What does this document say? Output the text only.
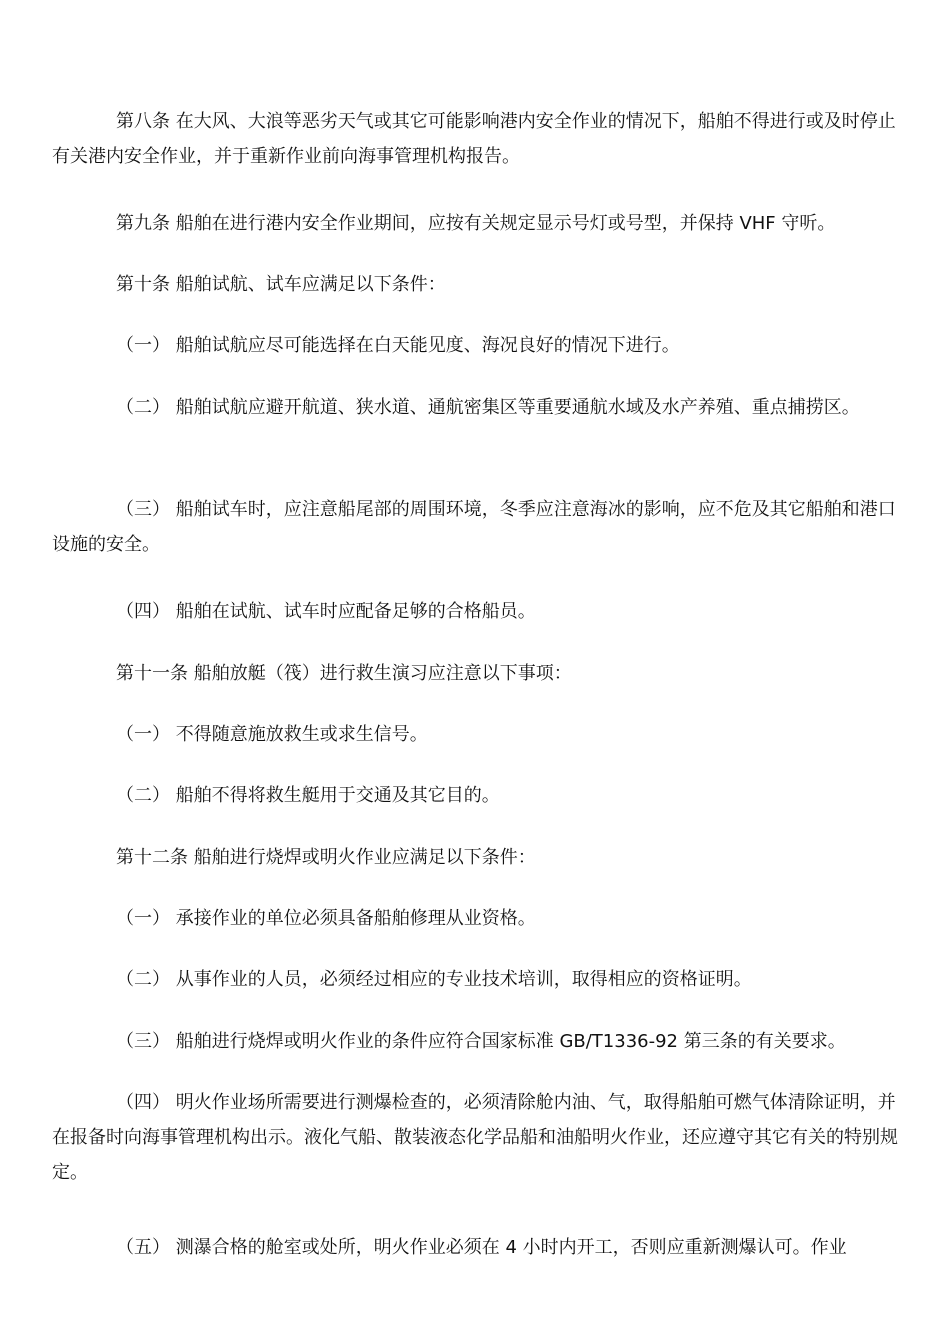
第八条 在大风、大浪等恶劣天气或其它可能影响港内安全作业的情况下，船舶不得进行或及时停止有关港内安全作业，并于重新作业前向海事管理机构报告。

第九条 船舶在进行港内安全作业期间，应按有关规定显示号灯或号型，并保持 VHF 守听。

第十条 船舶试航、试车应满足以下条件：

（一） 船舶试航应尽可能选择在白天能见度、海况良好的情况下进行。

（二） 船舶试航应避开航道、狭水道、通航密集区等重要通航水域及水产养殖、重点捕捞区。

（三） 船舶试车时，应注意船尾部的周围环境，冬季应注意海冰的影响，应不危及其它船舶和港口设施的安全。

（四） 船舶在试航、试车时应配备足够的合格船员。

第十一条 船舶放艇（筏）进行救生演习应注意以下事项：

（一） 不得随意施放救生或求生信号。

（二） 船舶不得将救生艇用于交通及其它目的。

第十二条 船舶进行烧焊或明火作业应满足以下条件：

（一） 承接作业的单位必须具备船舶修理从业资格。

（二） 从事作业的人员，必须经过相应的专业技术培训，取得相应的资格证明。

（三） 船舶进行烧焊或明火作业的条件应符合国家标准 GB/T1336-92 第三条的有关要求。

（四） 明火作业场所需要进行测爆检查的，必须清除舱内油、气，取得船舶可燃气体清除证明，并在报备时向海事管理机构出示。液化气船、散装液态化学品船和油船明火作业，还应遵守其它有关的特别规定。

（五） 测瀑合格的舱室或处所，明火作业必须在 4 小时内开工，否则应重新测爆认可。作业
